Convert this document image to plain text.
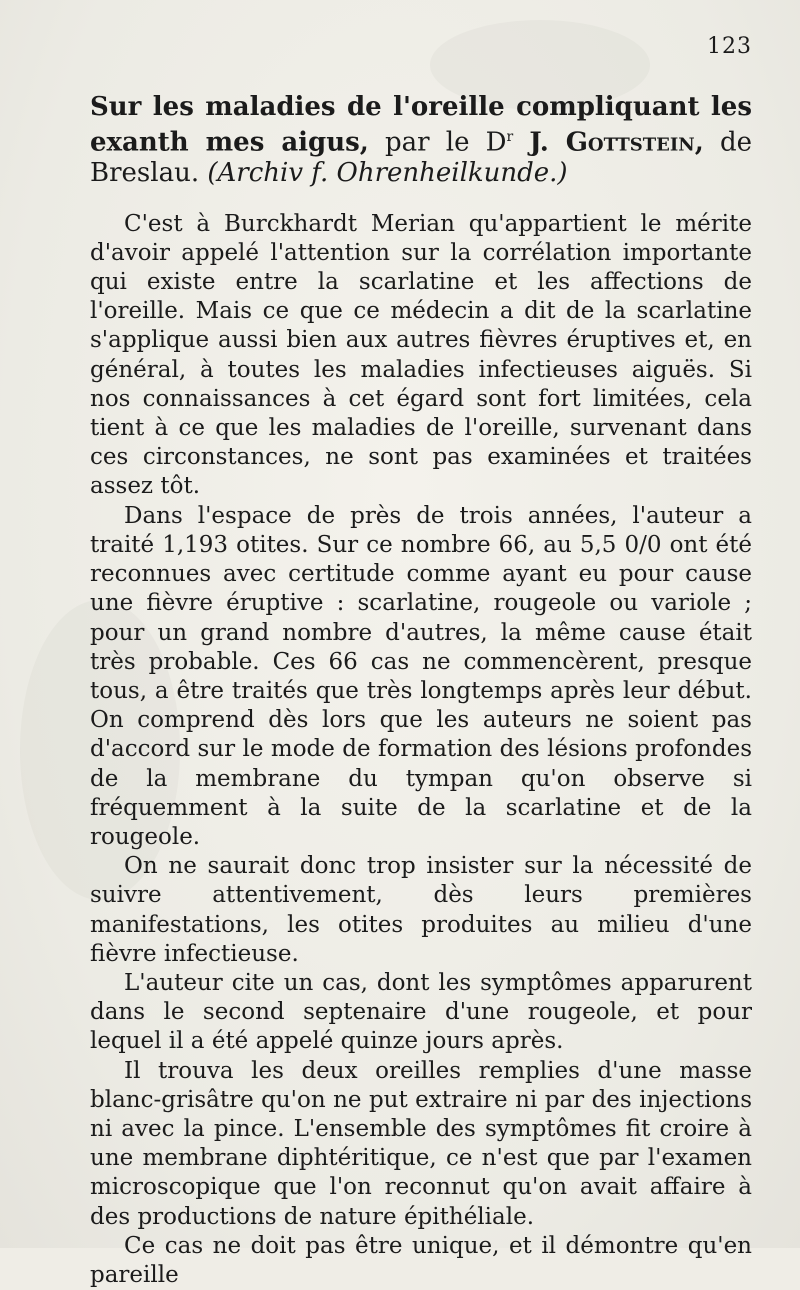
123
Sur les maladies de l'oreille compliquant les exanth mes aigus, par le $D^r$ J. Gottstein, de Breslau. (Archiv f. Ohrenheilkunde.)

C'est à Burckhardt Merian qu'appartient le mérite d'avoir appelé l'attention sur la corrélation importante qui existe entre la scarlatine et les affections de l'oreille. Mais ce que ce médecin a dit de la scarlatine s'applique aussi bien aux autres fièvres éruptives et, en général, à toutes les maladies infectieuses aiguës. Si nos connaissances à cet égard sont fort limitées, cela tient à ce que les maladies de l'oreille, survenant dans ces circonstances, ne sont pas examinées et traitées assez tôt.

Dans l'espace de près de trois années, l'auteur a traité 1,193 otites. Sur ce nombre 66, au 5,5 0/0 ont été reconnues avec certitude comme ayant eu pour cause une fièvre éruptive : scarlatine, rougeole ou variole ; pour un grand nombre d'autres, la même cause était très probable. Ces 66 cas ne commencèrent, presque tous, a être traités que très longtemps après leur début. On comprend dès lors que les auteurs ne soient pas d'accord sur le mode de formation des lésions profondes de la membrane du tympan qu'on observe si fréquemment à la suite de la scarlatine et de la rougeole.

On ne saurait donc trop insister sur la nécessité de suivre attentivement, dès leurs premières manifestations, les otites produites au milieu d'une fièvre infectieuse.

L'auteur cite un cas, dont les symptômes apparurent dans le second septenaire d'une rougeole, et pour lequel il a été appelé quinze jours après.

Il trouva les deux oreilles remplies d'une masse blanc-grisâtre qu'on ne put extraire ni par des injections ni avec la pince. L'ensemble des symptômes fit croire à une membrane diphtéritique, ce n'est que par l'examen microscopique que l'on reconnut qu'on avait affaire à des productions de nature épithéliale.

Ce cas ne doit pas être unique, et il démontre qu'en pareille
